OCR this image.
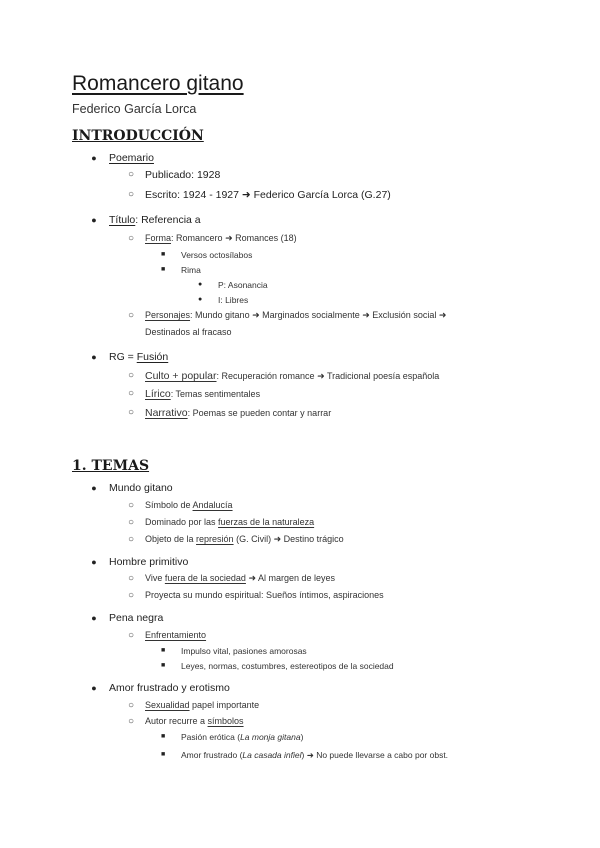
Romancero gitano
Federico García Lorca
INTRODUCCIÓN
● Poemario
○ Publicado: 1928
○ Escrito: 1924 - 1927 ➜ Federico García Lorca (G.27)
● Título: Referencia a
○ Forma: Romancero ➜ Romances (18)
■	Versos octosílabos
■	Rima
●	P: Asonancia
●	I: Libres
○ Personajes: Mundo gitano ➜ Marginados socialmente ➜ Exclusión social ➜
Destinados al fracaso
● RG = Fusión
○ Culto + popular: Recuperación romance ➜ Tradicional poesía española
○ Lírico: Temas sentimentales
○ Narrativo: Poemas se pueden contar y narrar
1. TEMAS
● Mundo gitano
○ Símbolo de Andalucía
○ Dominado por las fuerzas de la naturaleza
○ Objeto de la represión (G. Civil) ➜ Destino trágico
● Hombre primitivo
○ Vive fuera de la sociedad ➜ Al margen de leyes
○ Proyecta su mundo espiritual: Sueños íntimos, aspiraciones
● Pena negra
○ Enfrentamiento
■	Impulso vital, pasiones amorosas
■	Leyes, normas, costumbres, estereotipos de la sociedad
● Amor frustrado y erotismo
○ Sexualidad papel importante
○ Autor recurre a símbolos
■	Pasión erótica (La monja gitana)
■	Amor frustrado (La casada infiel) ➜ No puede llevarse a cabo por obst.
